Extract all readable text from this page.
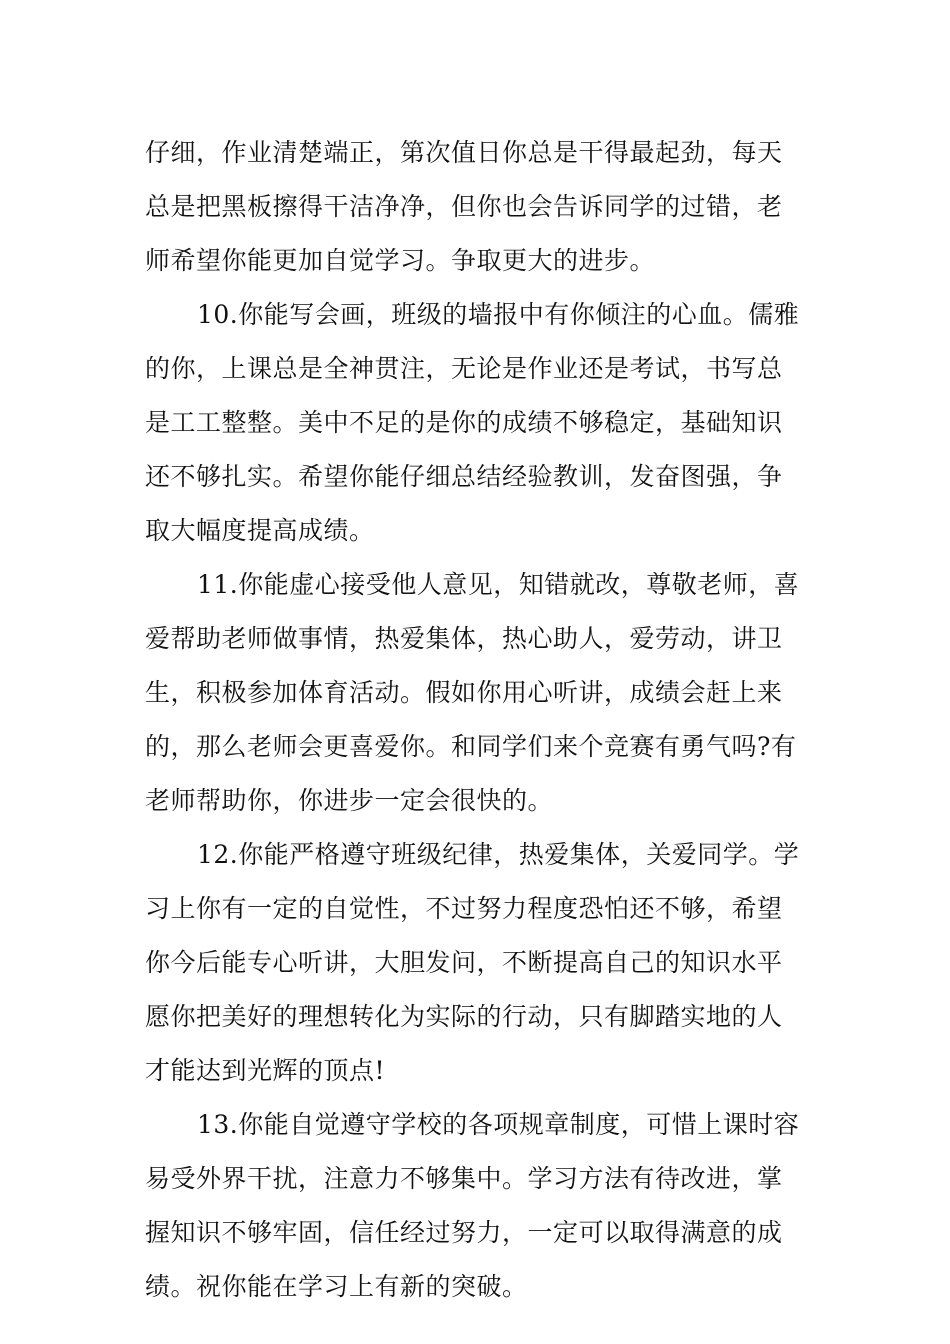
仔细，作业清楚端正，第次值日你总是干得最起劲，每天
总是把黑板擦得干洁净净，但你也会告诉同学的过错，老
师希望你能更加自觉学习。争取更大的进步。
10.你能写会画，班级的墙报中有你倾注的心血。儒雅
的你，上课总是全神贯注，无论是作业还是考试，书写总
是工工整整。美中不足的是你的成绩不够稳定，基础知识
还不够扎实。希望你能仔细总结经验教训，发奋图强，争
取大幅度提高成绩。
11.你能虚心接受他人意见，知错就改，尊敬老师，喜
爱帮助老师做事情，热爱集体，热心助人，爱劳动，讲卫
生，积极参加体育活动。假如你用心听讲，成绩会赶上来
的，那么老师会更喜爱你。和同学们来个竞赛有勇气吗?有
老师帮助你，你进步一定会很快的。
12.你能严格遵守班级纪律，热爱集体，关爱同学。学
习上你有一定的自觉性，不过努力程度恐怕还不够，希望
你今后能专心听讲，大胆发问，不断提高自己的知识水平
愿你把美好的理想转化为实际的行动，只有脚踏实地的人
才能达到光辉的顶点!
13.你能自觉遵守学校的各项规章制度，可惜上课时容
易受外界干扰，注意力不够集中。学习方法有待改进，掌
握知识不够牢固，信任经过努力，一定可以取得满意的成
绩。祝你能在学习上有新的突破。
